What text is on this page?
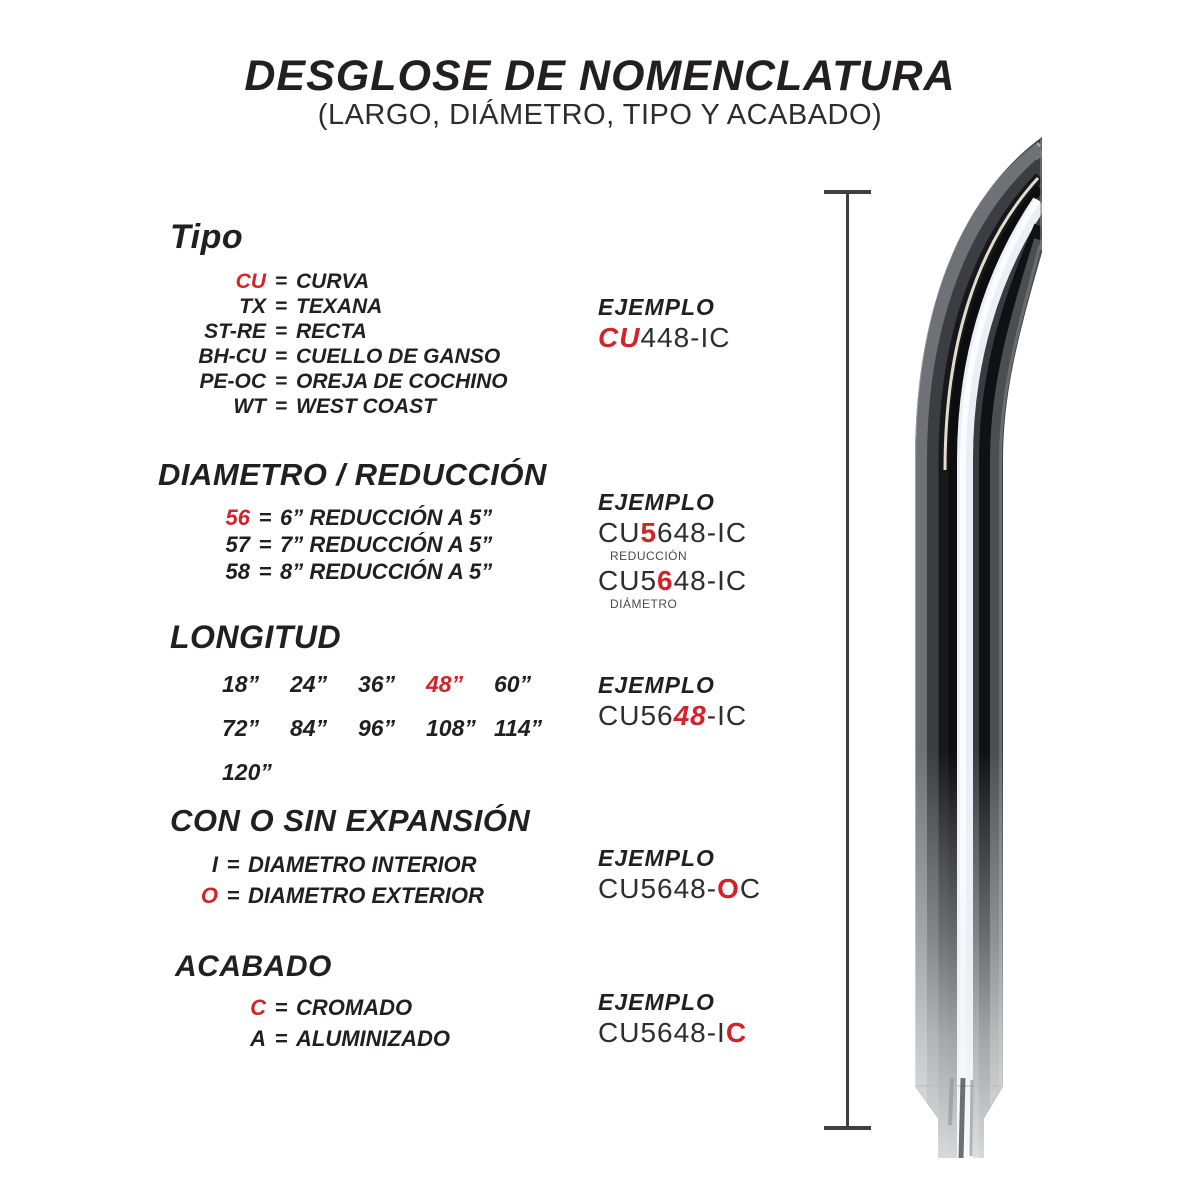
DESGLOSE DE NOMENCLATURA
(LARGO, DIÁMETRO, TIPO Y ACABADO)
Tipo
CU = CURVA
TX = TEXANA
ST-RE = RECTA
BH-CU = CUELLO DE GANSO
PE-OC = OREJA DE COCHINO
WT = WEST COAST
DIAMETRO / REDUCCIÓN
56 = 6” REDUCCIÓN A 5”
57 = 7” REDUCCIÓN A 5”
58 = 8” REDUCCIÓN A 5”
LONGITUD
18”	24”	36”	48”	60”
72”	84”	96”	108” 114”
120”
CON O SIN EXPANSIÓN
I = DIAMETRO INTERIOR
O = DIAMETRO EXTERIOR
ACABADO
C = CROMADO
A = ALUMINIZADO
EJEMPLO
CU448-IC
EJEMPLO
CU5648-IC
REDUCCIÓN
CU5648-IC
DIÁMETRO
EJEMPLO
CU5648-IC
EJEMPLO
CU5648-OC
EJEMPLO
CU5648-IC
